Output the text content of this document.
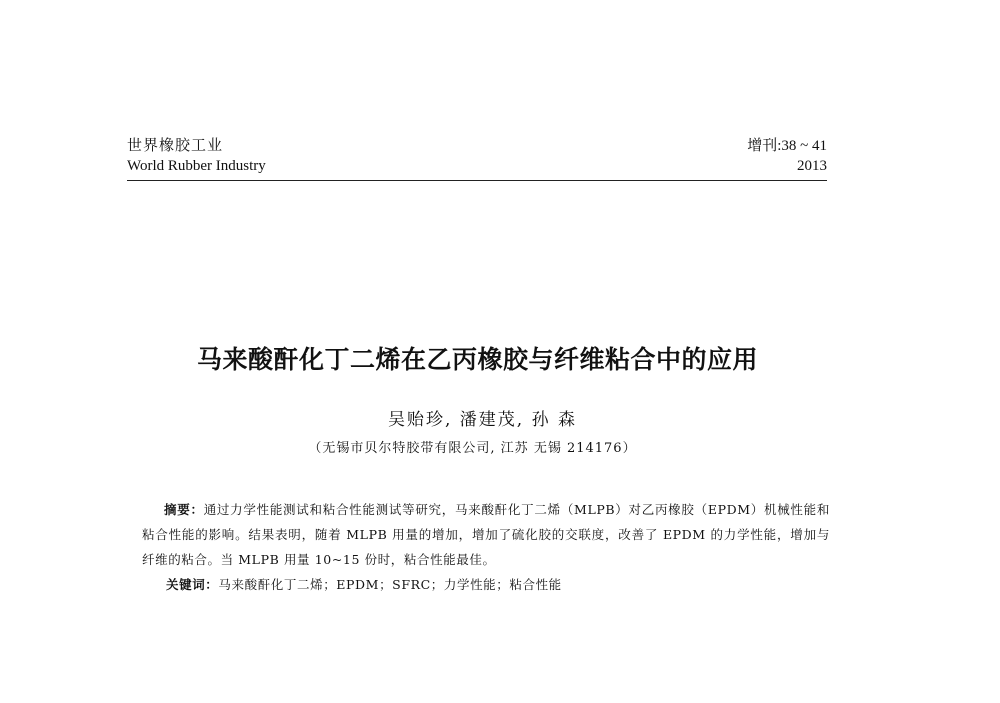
世界橡胶工业
World Rubber Industry
增刊:38 ~ 41
2013
马来酸酐化丁二烯在乙丙橡胶与纤维粘合中的应用
吴贻珍, 潘建茂, 孙 森
（无锡市贝尔特胶带有限公司, 江苏 无锡 214176）

摘要：通过力学性能测试和粘合性能测试等研究，马来酸酐化丁二烯（MLPB）对乙丙橡胶（EPDM）机械性能和粘合性能的影响。结果表明，随着 MLPB 用量的增加，增加了硫化胶的交联度，改善了 EPDM 的力学性能，增加与纤维的粘合。当 MLPB 用量 10~15 份时，粘合性能最佳。

关键词：马来酸酐化丁二烯；EPDM；SFRC；力学性能；粘合性能
